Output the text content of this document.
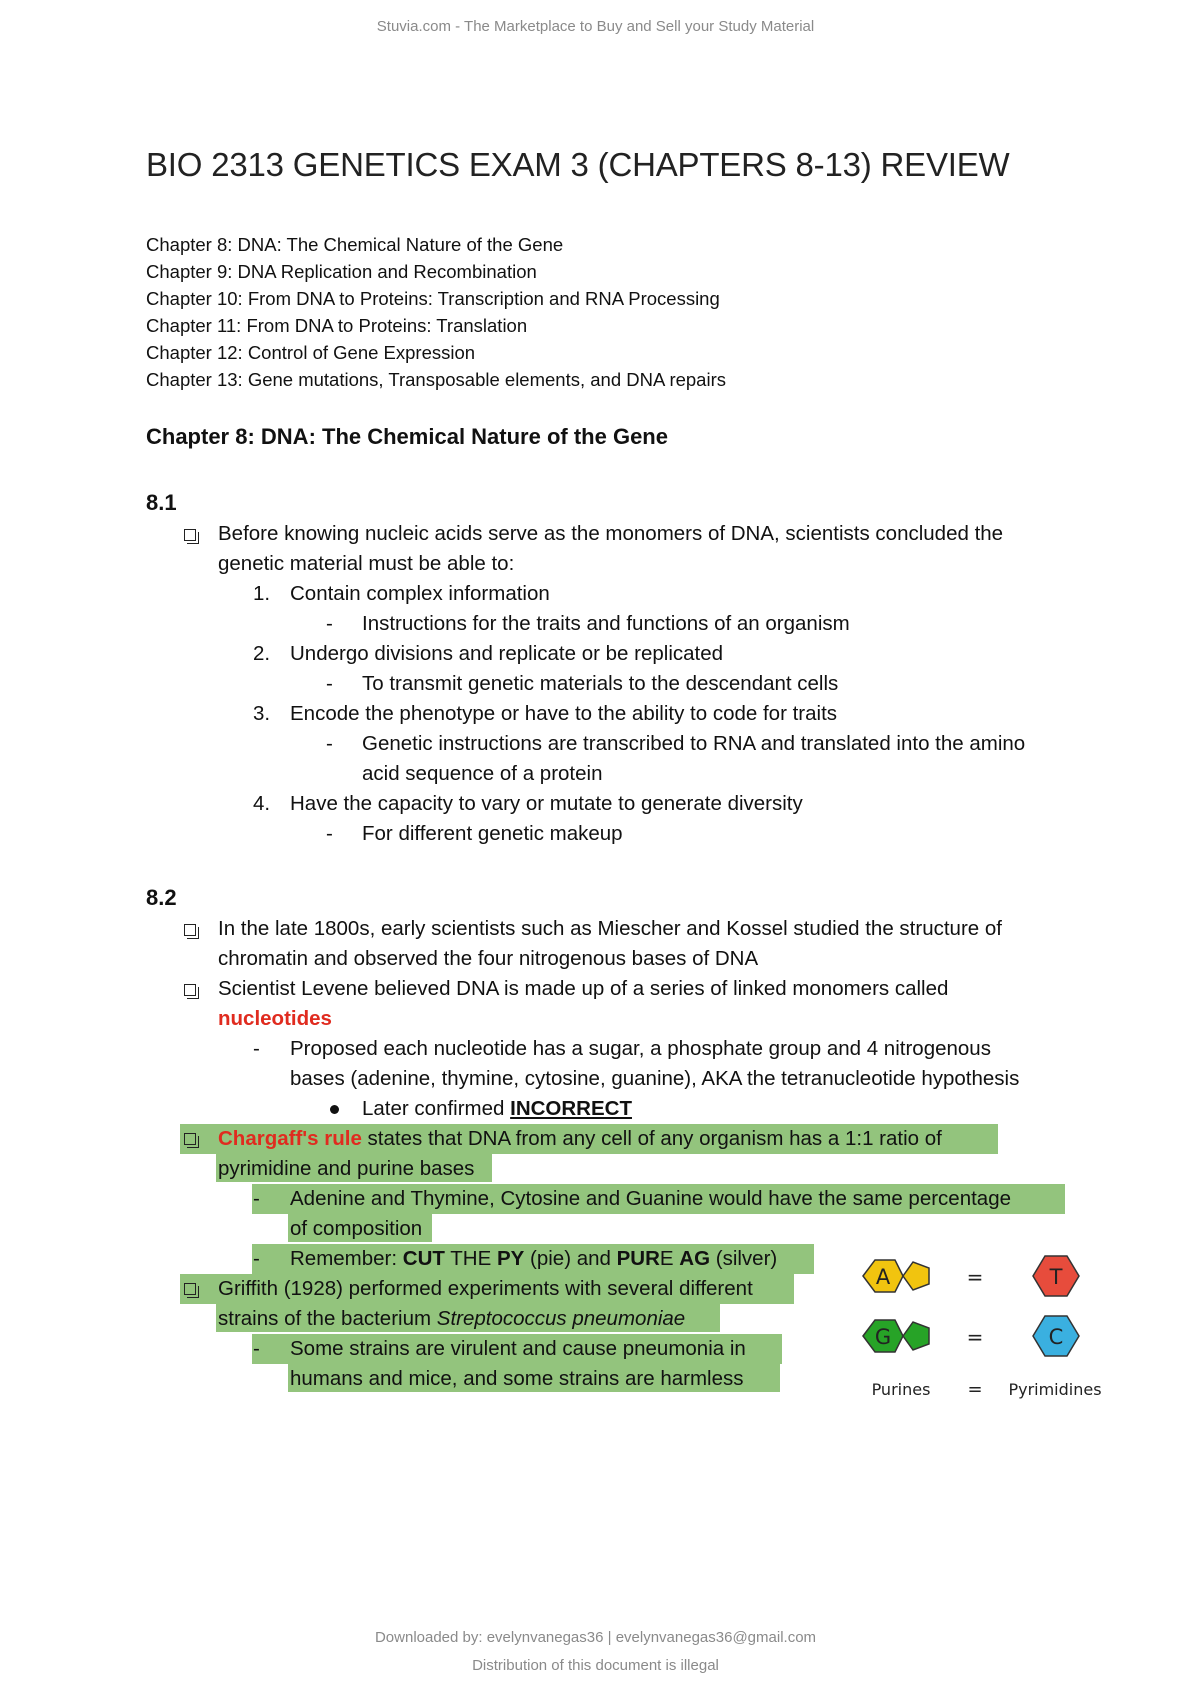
Stuvia.com - The Marketplace to Buy and Sell your Study Material
BIO 2313 GENETICS EXAM 3 (CHAPTERS 8-13) REVIEW
Chapter 8: DNA: The Chemical Nature of the Gene
Chapter 9: DNA Replication and Recombination
Chapter 10: From DNA to Proteins: Transcription and RNA Processing
Chapter 11: From DNA to Proteins: Translation
Chapter 12: Control of Gene Expression
Chapter 13: Gene mutations, Transposable elements, and DNA repairs
Chapter 8: DNA: The Chemical Nature of the Gene
8.1
Before knowing nucleic acids serve as the monomers of DNA, scientists concluded the
genetic material must be able to:
1. Contain complex information
- Instructions for the traits and functions of an organism
2. Undergo divisions and replicate or be replicated
- To transmit genetic materials to the descendant cells
3. Encode the phenotype or have to the ability to code for traits
- Genetic instructions are transcribed to RNA and translated into the amino
acid sequence of a protein
4. Have the capacity to vary or mutate to generate diversity
- For different genetic makeup
8.2
In the late 1800s, early scientists such as Miescher and Kossel studied the structure of
chromatin and observed the four nitrogenous bases of DNA
Scientist Levene believed DNA is made up of a series of linked monomers called
nucleotides
- Proposed each nucleotide has a sugar, a phosphate group and 4 nitrogenous
bases (adenine, thymine, cytosine, guanine), AKA the tetranucleotide hypothesis
Later confirmed INCORRECT
Chargaff's rule states that DNA from any cell of any organism has a 1:1 ratio of
pyrimidine and purine bases
- Adenine and Thymine, Cytosine and Guanine would have the same percentage
of composition
- Remember: CUT THE PY (pie) and PURE AG (silver)
Griffith (1928) performed experiments with several different
strains of the bacterium Streptococcus pneumoniae
- Some strains are virulent and cause pneumonia in
humans and mice, and some strains are harmless
A	=	T
G	=	C
Purines = Pyrimidines
Downloaded by: evelynvanegas36 | evelynvanegas36@gmail.com
Distribution of this document is illegal
